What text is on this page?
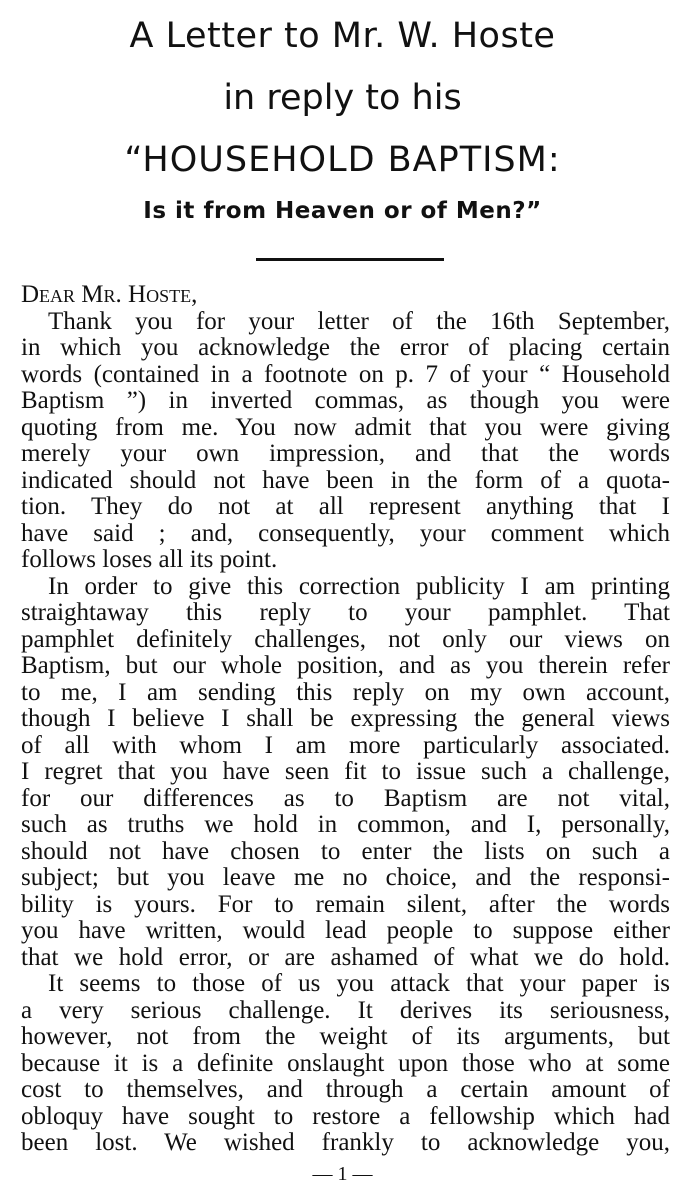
A Letter to Mr. W. Hoste
in reply to his
“HOUSEHOLD BAPTISM:
Is it from Heaven or of Men?”
Dear Mr. Hoste,
Thank you for your letter of the 16th September,
in which you acknowledge the error of placing certain
words (contained in a footnote on p. 7 of your “ Household
Baptism ”) in inverted commas, as though you were
quoting from me. You now admit that you were giving
merely your own impression, and that the words
indicated should not have been in the form of a quota-
tion. They do not at all represent anything that I
have said ; and, consequently, your comment which
follows loses all its point.
In order to give this correction publicity I am printing
straightaway this reply to your pamphlet. That
pamphlet definitely challenges, not only our views on
Baptism, but our whole position, and as you therein refer
to me, I am sending this reply on my own account,
though I believe I shall be expressing the general views
of all with whom I am more particularly associated.
I regret that you have seen fit to issue such a challenge,
for our differences as to Baptism are not vital,
such as truths we hold in common, and I, personally,
should not have chosen to enter the lists on such a
subject; but you leave me no choice, and the responsi-
bility is yours. For to remain silent, after the words
you have written, would lead people to suppose either
that we hold error, or are ashamed of what we do hold.
It seems to those of us you attack that your paper is
a very serious challenge. It derives its seriousness,
however, not from the weight of its arguments, but
because it is a definite onslaught upon those who at some
cost to themselves, and through a certain amount of
obloquy have sought to restore a fellowship which had
been lost. We wished frankly to acknowledge you,
— 1 —
